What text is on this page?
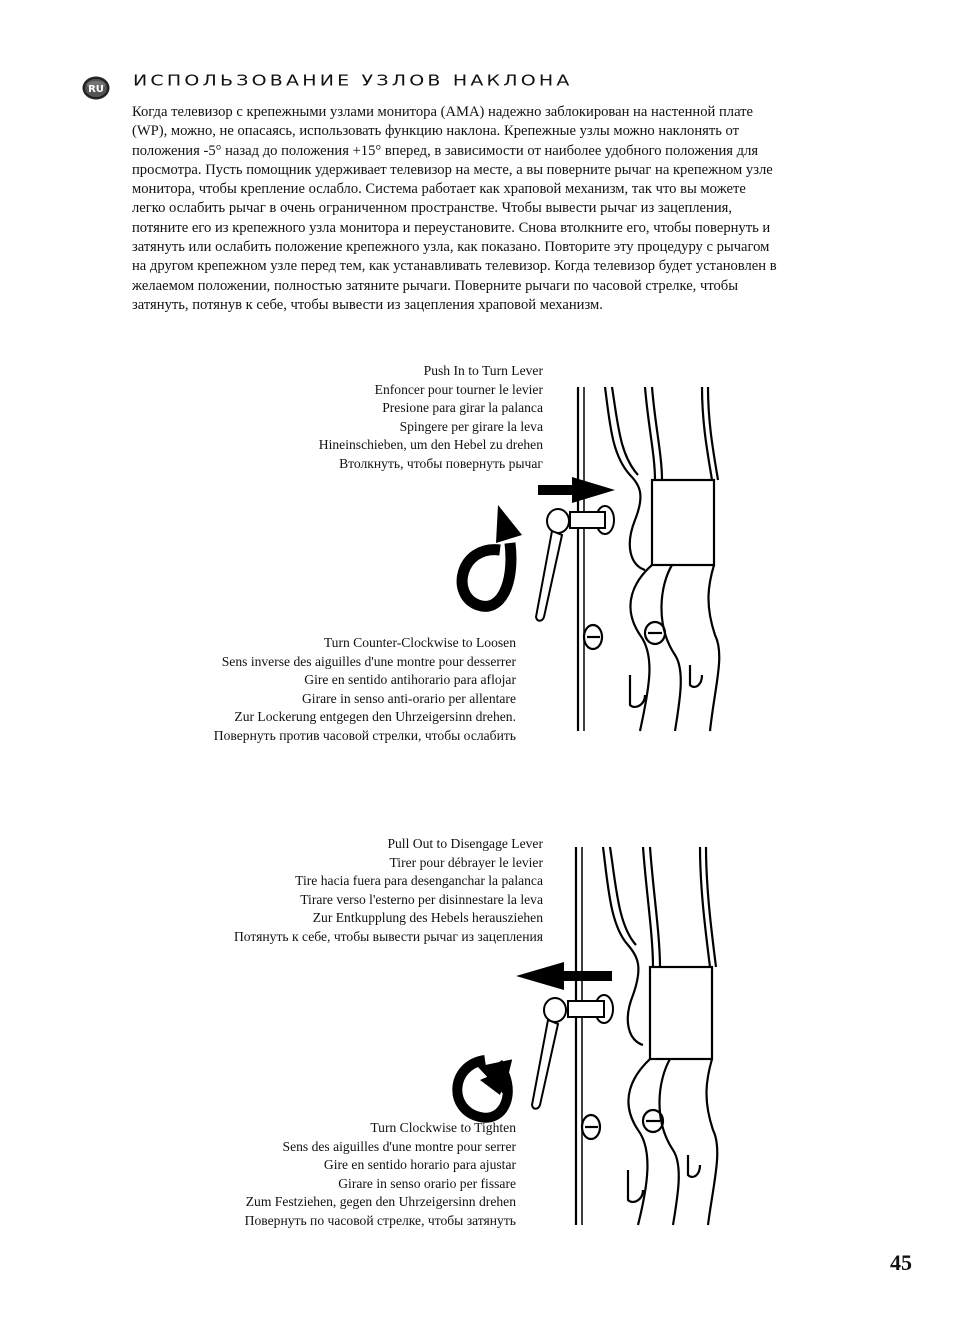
RU
ИСПОЛЬЗОВАНИЕ УЗЛОВ НАКЛОНА
Когда телевизор с крепежными узлами монитора (AMA) надежно заблокирован на настенной плате
(WP), можно, не опасаясь, использовать функцию наклона. Крепежные узлы можно наклонять от
положения -5° назад до положения +15° вперед, в зависимости от наиболее удобного положения для
просмотра. Пусть помощник удерживает телевизор на месте, а вы поверните рычаг на крепежном узле
монитора, чтобы крепление ослабло. Система работает как храповой механизм, так что вы можете
легко ослабить рычаг в очень ограниченном пространстве. Чтобы вывести рычаг из зацепления,
потяните его из крепежного узла монитора и переустановите. Снова втолкните его, чтобы повернуть и
затянуть или ослабить положение крепежного узла, как показано. Повторите эту процедуру с рычагом
на другом крепежном узле перед тем, как устанавливать телевизор. Когда телевизор будет установлен в
желаемом положении, полностью затяните рычаги. Поверните рычаги по часовой стрелке, чтобы
затянуть, потянув к себе, чтобы вывести из зацепления храповой механизм.
Push In to Turn Lever
Enfoncer pour tourner le levier
Presione para girar la palanca
Spingere per girare la leva
Hineinschieben, um den Hebel zu drehen
Втолкнуть, чтобы повернуть рычаг
Turn Counter-Clockwise to Loosen
Sens inverse des aiguilles d'une montre pour desserrer
Gire en sentido antihorario para aflojar
Girare in senso anti-orario per allentare
Zur Lockerung entgegen den Uhrzeigersinn drehen.
Повернуть против часовой стрелки, чтобы ослабить
Pull Out to Disengage Lever
Tirer pour débrayer le levier
Tire hacia fuera para desenganchar la palanca
Tirare verso l'esterno per disinnestare la leva
Zur Entkupplung des Hebels herausziehen
Потянуть к себе, чтобы вывести рычаг из зацепления
Turn Clockwise to Tighten
Sens des aiguilles d'une montre pour serrer
Gire en sentido horario para ajustar
Girare in senso orario per fissare
Zum Festziehen, gegen den Uhrzeigersinn drehen
Повернуть по часовой стрелке, чтобы затянуть
45
